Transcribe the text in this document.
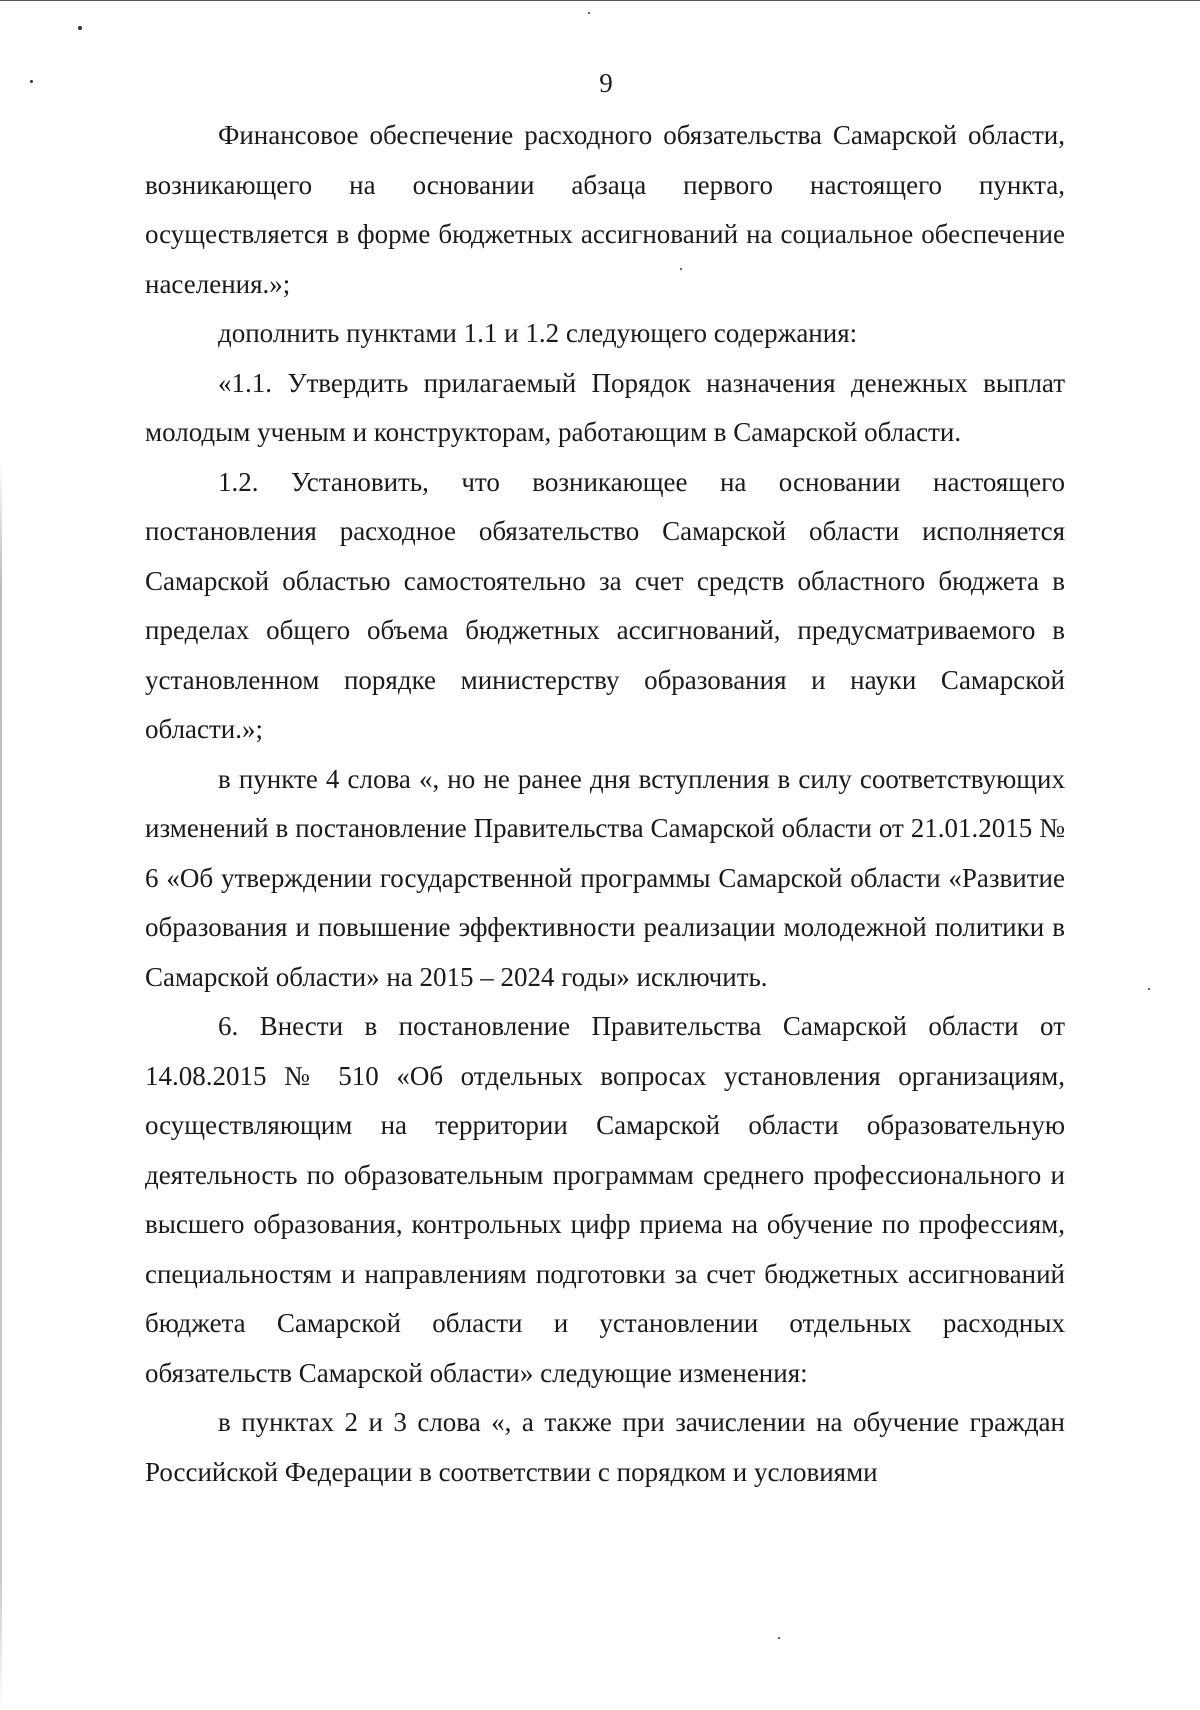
9

Финансовое обеспечение расходного обязательства Самарской области, возникающего на основании абзаца первого настоящего пункта, осуществляется в форме бюджетных ассигнований на социальное обеспечение населения.»;

дополнить пунктами 1.1 и 1.2 следующего содержания:

«1.1. Утвердить прилагаемый Порядок назначения денежных выплат молодым ученым и конструкторам, работающим в Самарской области.

1.2. Установить, что возникающее на основании настоящего постановления расходное обязательство Самарской области исполняется Самарской областью самостоятельно за счет средств областного бюджета в пределах общего объема бюджетных ассигнований, предусматриваемого в установленном порядке министерству образования и науки Самарской области.»;

в пункте 4 слова «, но не ранее дня вступления в силу соответствующих изменений в постановление Правительства Самарской области от 21.01.2015 № 6 «Об утверждении государственной программы Самарской области «Развитие образования и повышение эффективности реализации молодежной политики в Самарской области» на 2015 – 2024 годы» исключить.

6. Внести в постановление Правительства Самарской области от 14.08.2015 № 510 «Об отдельных вопросах установления организациям, осуществляющим на территории Самарской области образовательную деятельность по образовательным программам среднего профессионального и высшего образования, контрольных цифр приема на обучение по профессиям, специальностям и направлениям подготовки за счет бюджетных ассигнований бюджета Самарской области и установлении отдельных расходных обязательств Самарской области» следующие изменения:

в пунктах 2 и 3 слова «, а также при зачислении на обучение граждан Российской Федерации в соответствии с порядком и условиями
